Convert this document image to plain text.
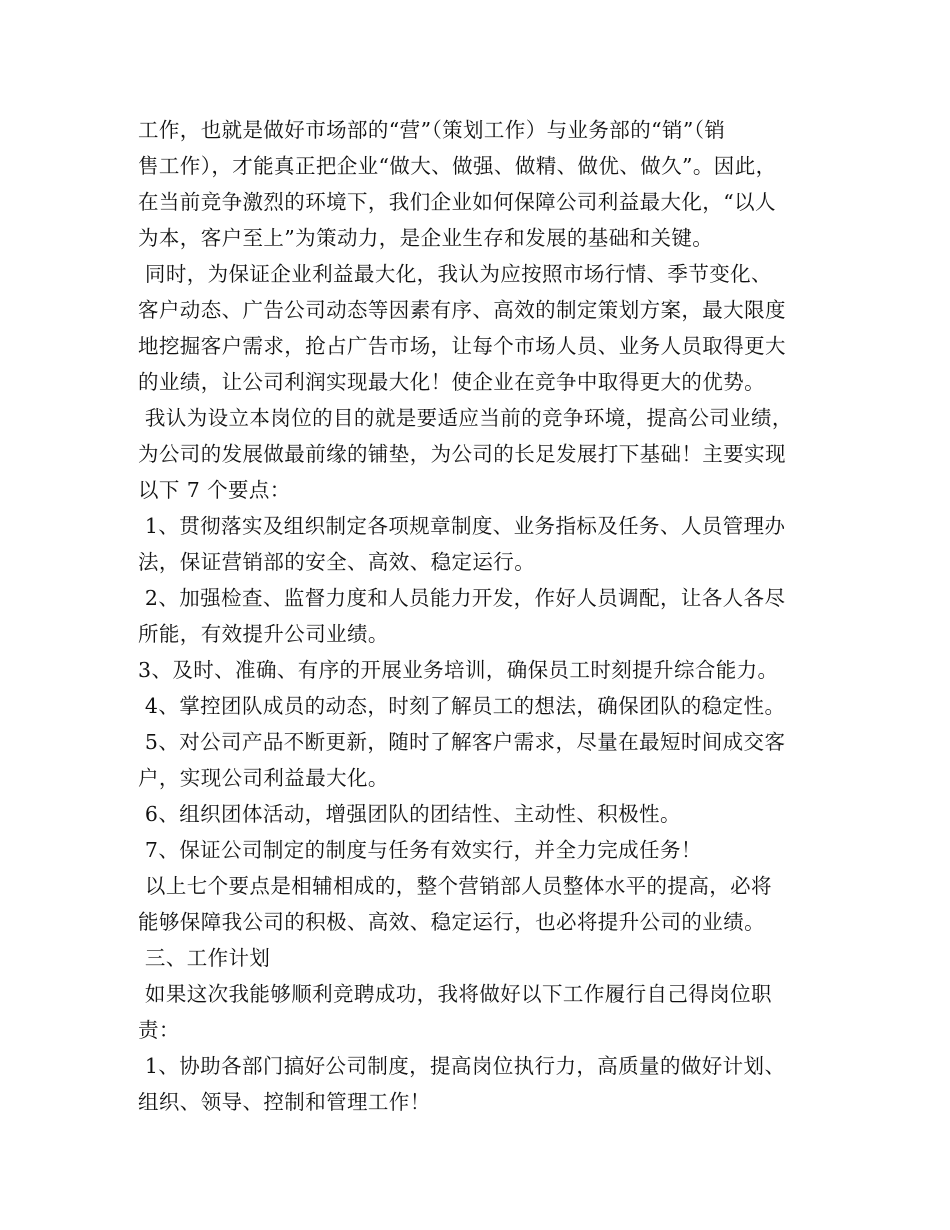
工作，也就是做好市场部的“营”（策划工作）与业务部的“销”（销
售工作），才能真正把企业“做大、做强、做精、做优、做久”。因此，
在当前竞争激烈的环境下，我们企业如何保障公司利益最大化，“以人
为本，客户至上”为策动力，是企业生存和发展的基础和关键。
同时，为保证企业利益最大化，我认为应按照市场行情、季节变化、
客户动态、广告公司动态等因素有序、高效的制定策划方案，最大限度
地挖掘客户需求，抢占广告市场，让每个市场人员、业务人员取得更大
的业绩，让公司利润实现最大化！使企业在竞争中取得更大的优势。
我认为设立本岗位的目的就是要适应当前的竞争环境，提高公司业绩，
为公司的发展做最前缘的铺垫，为公司的长足发展打下基础！主要实现
以下 7 个要点：
1、贯彻落实及组织制定各项规章制度、业务指标及任务、人员管理办
法，保证营销部的安全、高效、稳定运行。
2、加强检查、监督力度和人员能力开发，作好人员调配，让各人各尽
所能，有效提升公司业绩。
3、及时、准确、有序的开展业务培训，确保员工时刻提升综合能力。
4、掌控团队成员的动态，时刻了解员工的想法，确保团队的稳定性。
5、对公司产品不断更新，随时了解客户需求，尽量在最短时间成交客
户，实现公司利益最大化。
6、组织团体活动，增强团队的团结性、主动性、积极性。
7、保证公司制定的制度与任务有效实行，并全力完成任务！
以上七个要点是相辅相成的，整个营销部人员整体水平的提高，必将
能够保障我公司的积极、高效、稳定运行，也必将提升公司的业绩。
三、工作计划
如果这次我能够顺利竞聘成功，我将做好以下工作履行自己得岗位职
责：
1、协助各部门搞好公司制度，提高岗位执行力，高质量的做好计划、
组织、领导、控制和管理工作！
